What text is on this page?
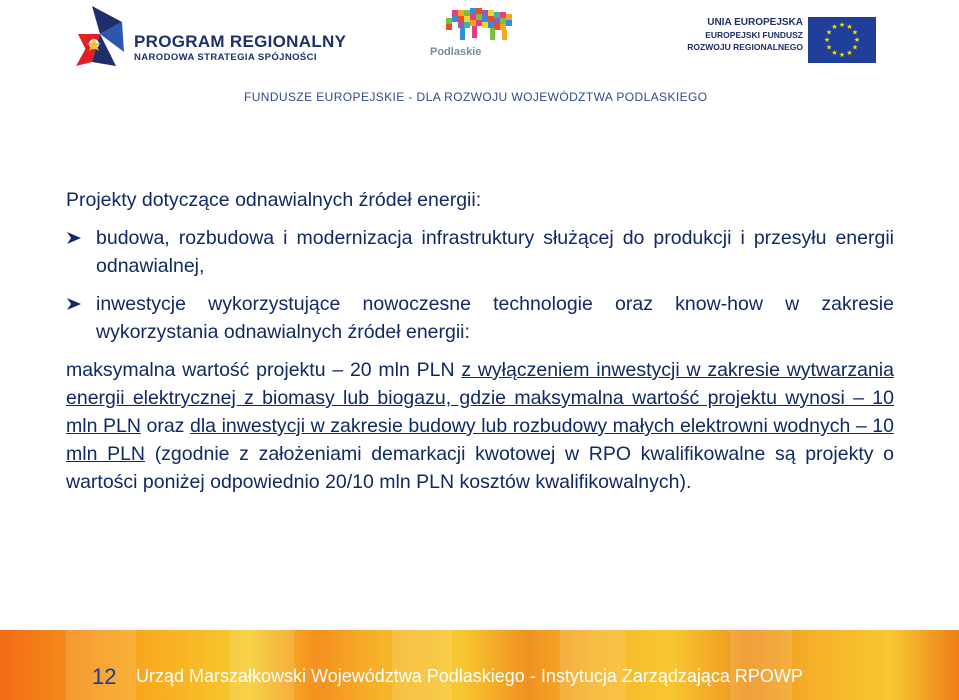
PROGRAM REGIONALNY
NARODOWA STRATEGIA SPÓJNOŚCI	Podlaskie
UNIA EUROPEJSKA
EUROPEJSKI FUNDUSZ
ROZWOJU REGIONALNEGO
★ ★
★
★
★
★
★
★
★
★
★
★
FUNDUSZE EUROPEJSKIE - DLA ROZWOJU WOJEWÓDZTWA PODLASKIEGO

Projekty dotyczące odnawialnych źródeł energii:

budowa, rozbudowa i modernizacja infrastruktury służącej do produkcji i przesyłu energii odnawialnej,
inwestycje wykorzystujące nowoczesne technologie oraz know-how w zakresie wykorzystania odnawialnych źródeł energii:

maksymalna wartość projektu – 20 mln PLN z wyłączeniem inwestycji w zakresie wytwarzania energii elektrycznej z biomasy lub biogazu, gdzie maksymalna wartość projektu wynosi – 10 mln PLN oraz dla inwestycji w zakresie budowy lub rozbudowy małych elektrowni wodnych – 10 mln PLN (zgodnie z założeniami demarkacji kwotowej w RPO kwalifikowalne są projekty o wartości poniżej odpowiednio 20/10 mln PLN kosztów kwalifikowalnych).

12 Urząd Marszałkowski Województwa Podlaskiego - Instytucja Zarządzająca RPOWP
